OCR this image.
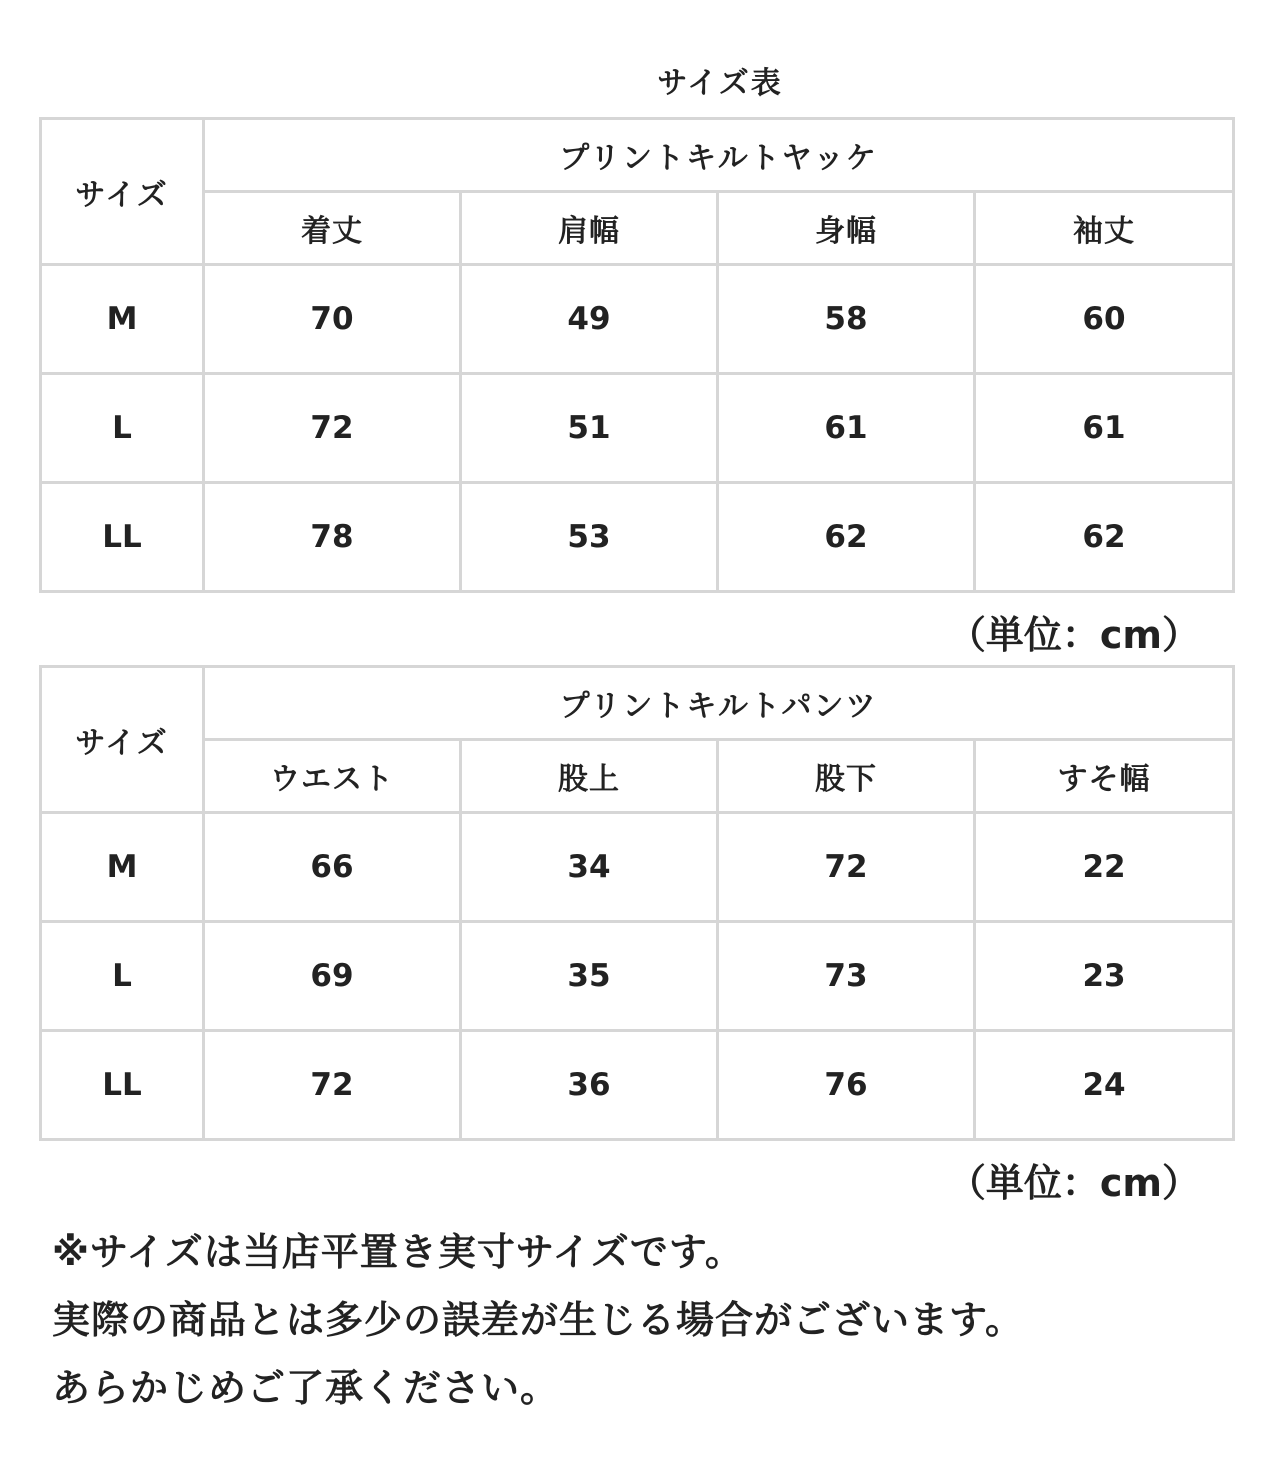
サイズ表
サイズ	プリントキルトヤッケ			
	着丈	肩幅	身幅	袖丈
M	70	49	58	60
L	72	51	61	61
LL	78	53	62	62
（単位：cm）
サイズ	プリントキルトパンツ			
	ウエスト	股上	股下	すそ幅
M	66	34	72	22
L	69	35	73	23
LL	72	36	76	24
（単位：cm）
※サイズは当店平置き実寸サイズです。
実際の商品とは多少の誤差が生じる場合がございます。
あらかじめご了承ください。
